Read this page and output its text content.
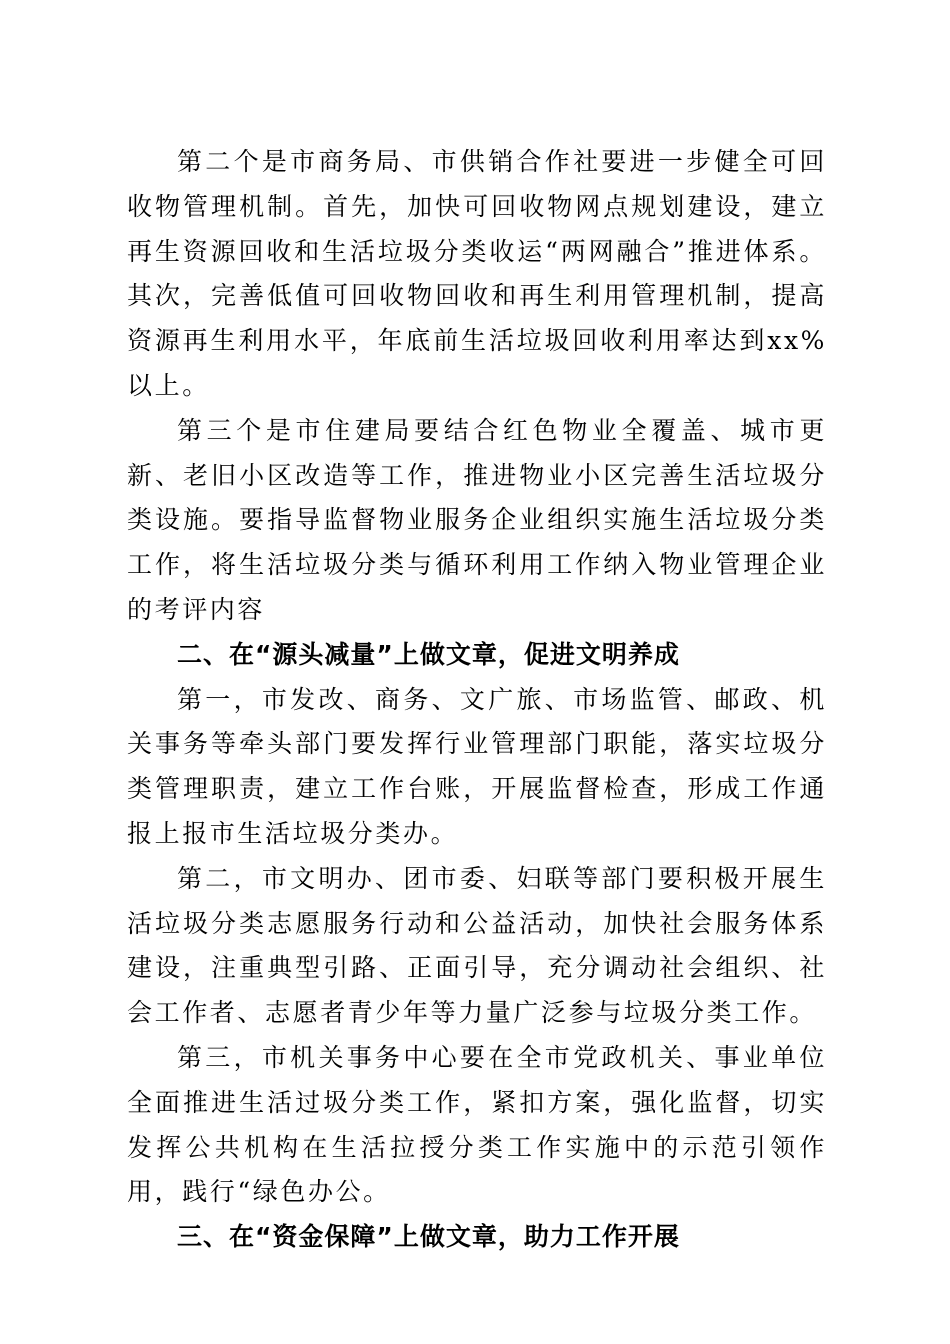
第二个是市商务局、市供销合作社要进一步健全可回收物管理机制。首先，加快可回收物网点规划建设，建立再生资源回收和生活垃圾分类收运“两网融合”推进体系。其次，完善低值可回收物回收和再生利用管理机制，提高资源再生利用水平，年底前生活垃圾回收利用率达到xx%以上。

第三个是市住建局要结合红色物业全覆盖、城市更新、老旧小区改造等工作，推进物业小区完善生活垃圾分类设施。要指导监督物业服务企业组织实施生活垃圾分类工作，将生活垃圾分类与循环利用工作纳入物业管理企业的考评内容

二、在“源头减量”上做文章，促进文明养成

第一，市发改、商务、文广旅、市场监管、邮政、机关事务等牵头部门要发挥行业管理部门职能，落实垃圾分类管理职责，建立工作台账，开展监督检查，形成工作通报上报市生活垃圾分类办。

第二，市文明办、团市委、妇联等部门要积极开展生活垃圾分类志愿服务行动和公益活动，加快社会服务体系建设，注重典型引路、正面引导，充分调动社会组织、社会工作者、志愿者青少年等力量广泛参与垃圾分类工作。

第三，市机关事务中心要在全市党政机关、事业单位全面推进生活过圾分类工作，紧扣方案，强化监督，切实发挥公共机构在生活拉授分类工作实施中的示范引领作用，践行“绿色办公。

三、在“资金保障”上做文章，助力工作开展
